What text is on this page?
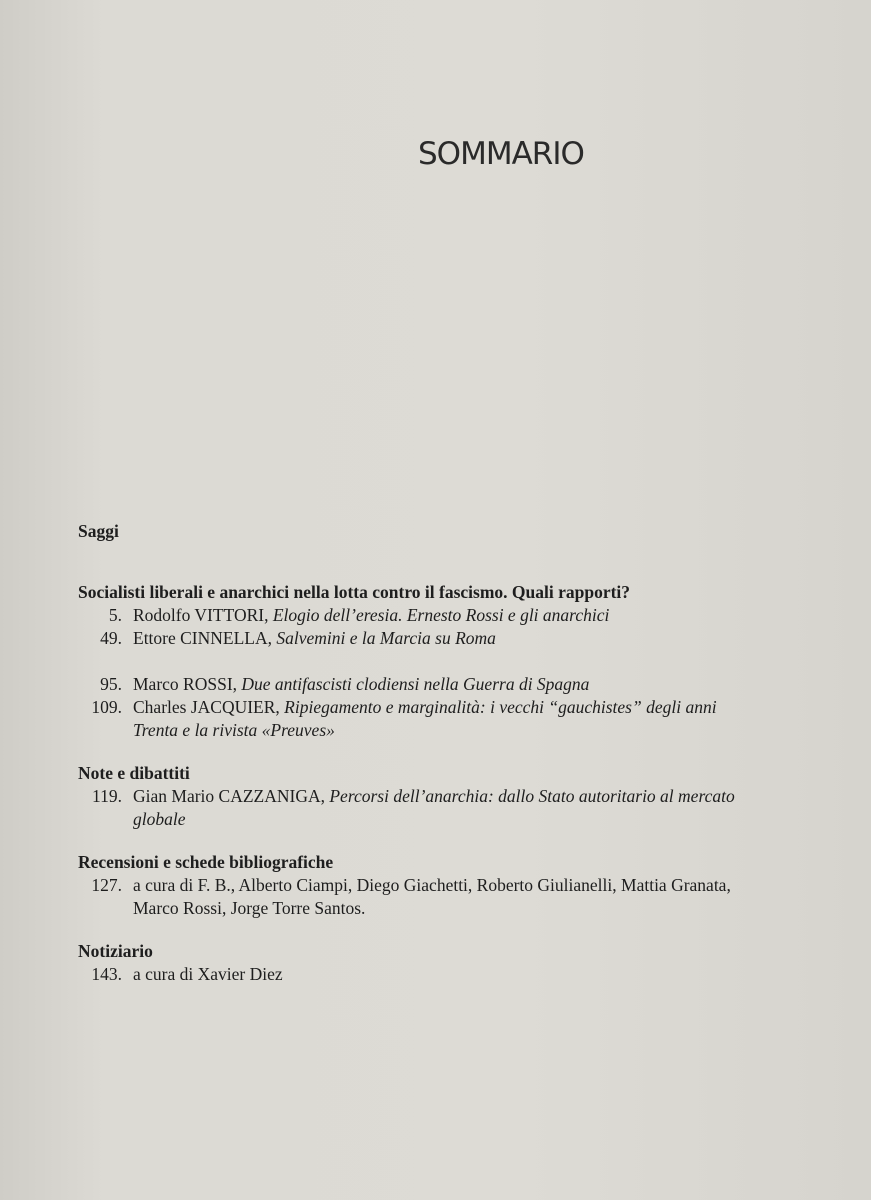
SOMMARIO
Saggi
Socialisti liberali e anarchici nella lotta contro il fascismo. Quali rapporti?
5. Rodolfo VITTORI, Elogio dell’eresia. Ernesto Rossi e gli anarchici
49. Ettore CINNELLA, Salvemini e la Marcia su Roma
95. Marco ROSSI, Due antifascisti clodiensi nella Guerra di Spagna
109. Charles JACQUIER, Ripiegamento e marginalità: i vecchi “gauchistes” degli anni Trenta e la rivista «Preuves»
Note e dibattiti
119. Gian Mario CAZZANIGA, Percorsi dell’anarchia: dallo Stato autoritario al mercato globale
Recensioni e schede bibliografiche
127. a cura di F. B., Alberto Ciampi, Diego Giachetti, Roberto Giulianelli, Mattia Granata, Marco Rossi, Jorge Torre Santos.
Notiziario
143. a cura di Xavier Diez
